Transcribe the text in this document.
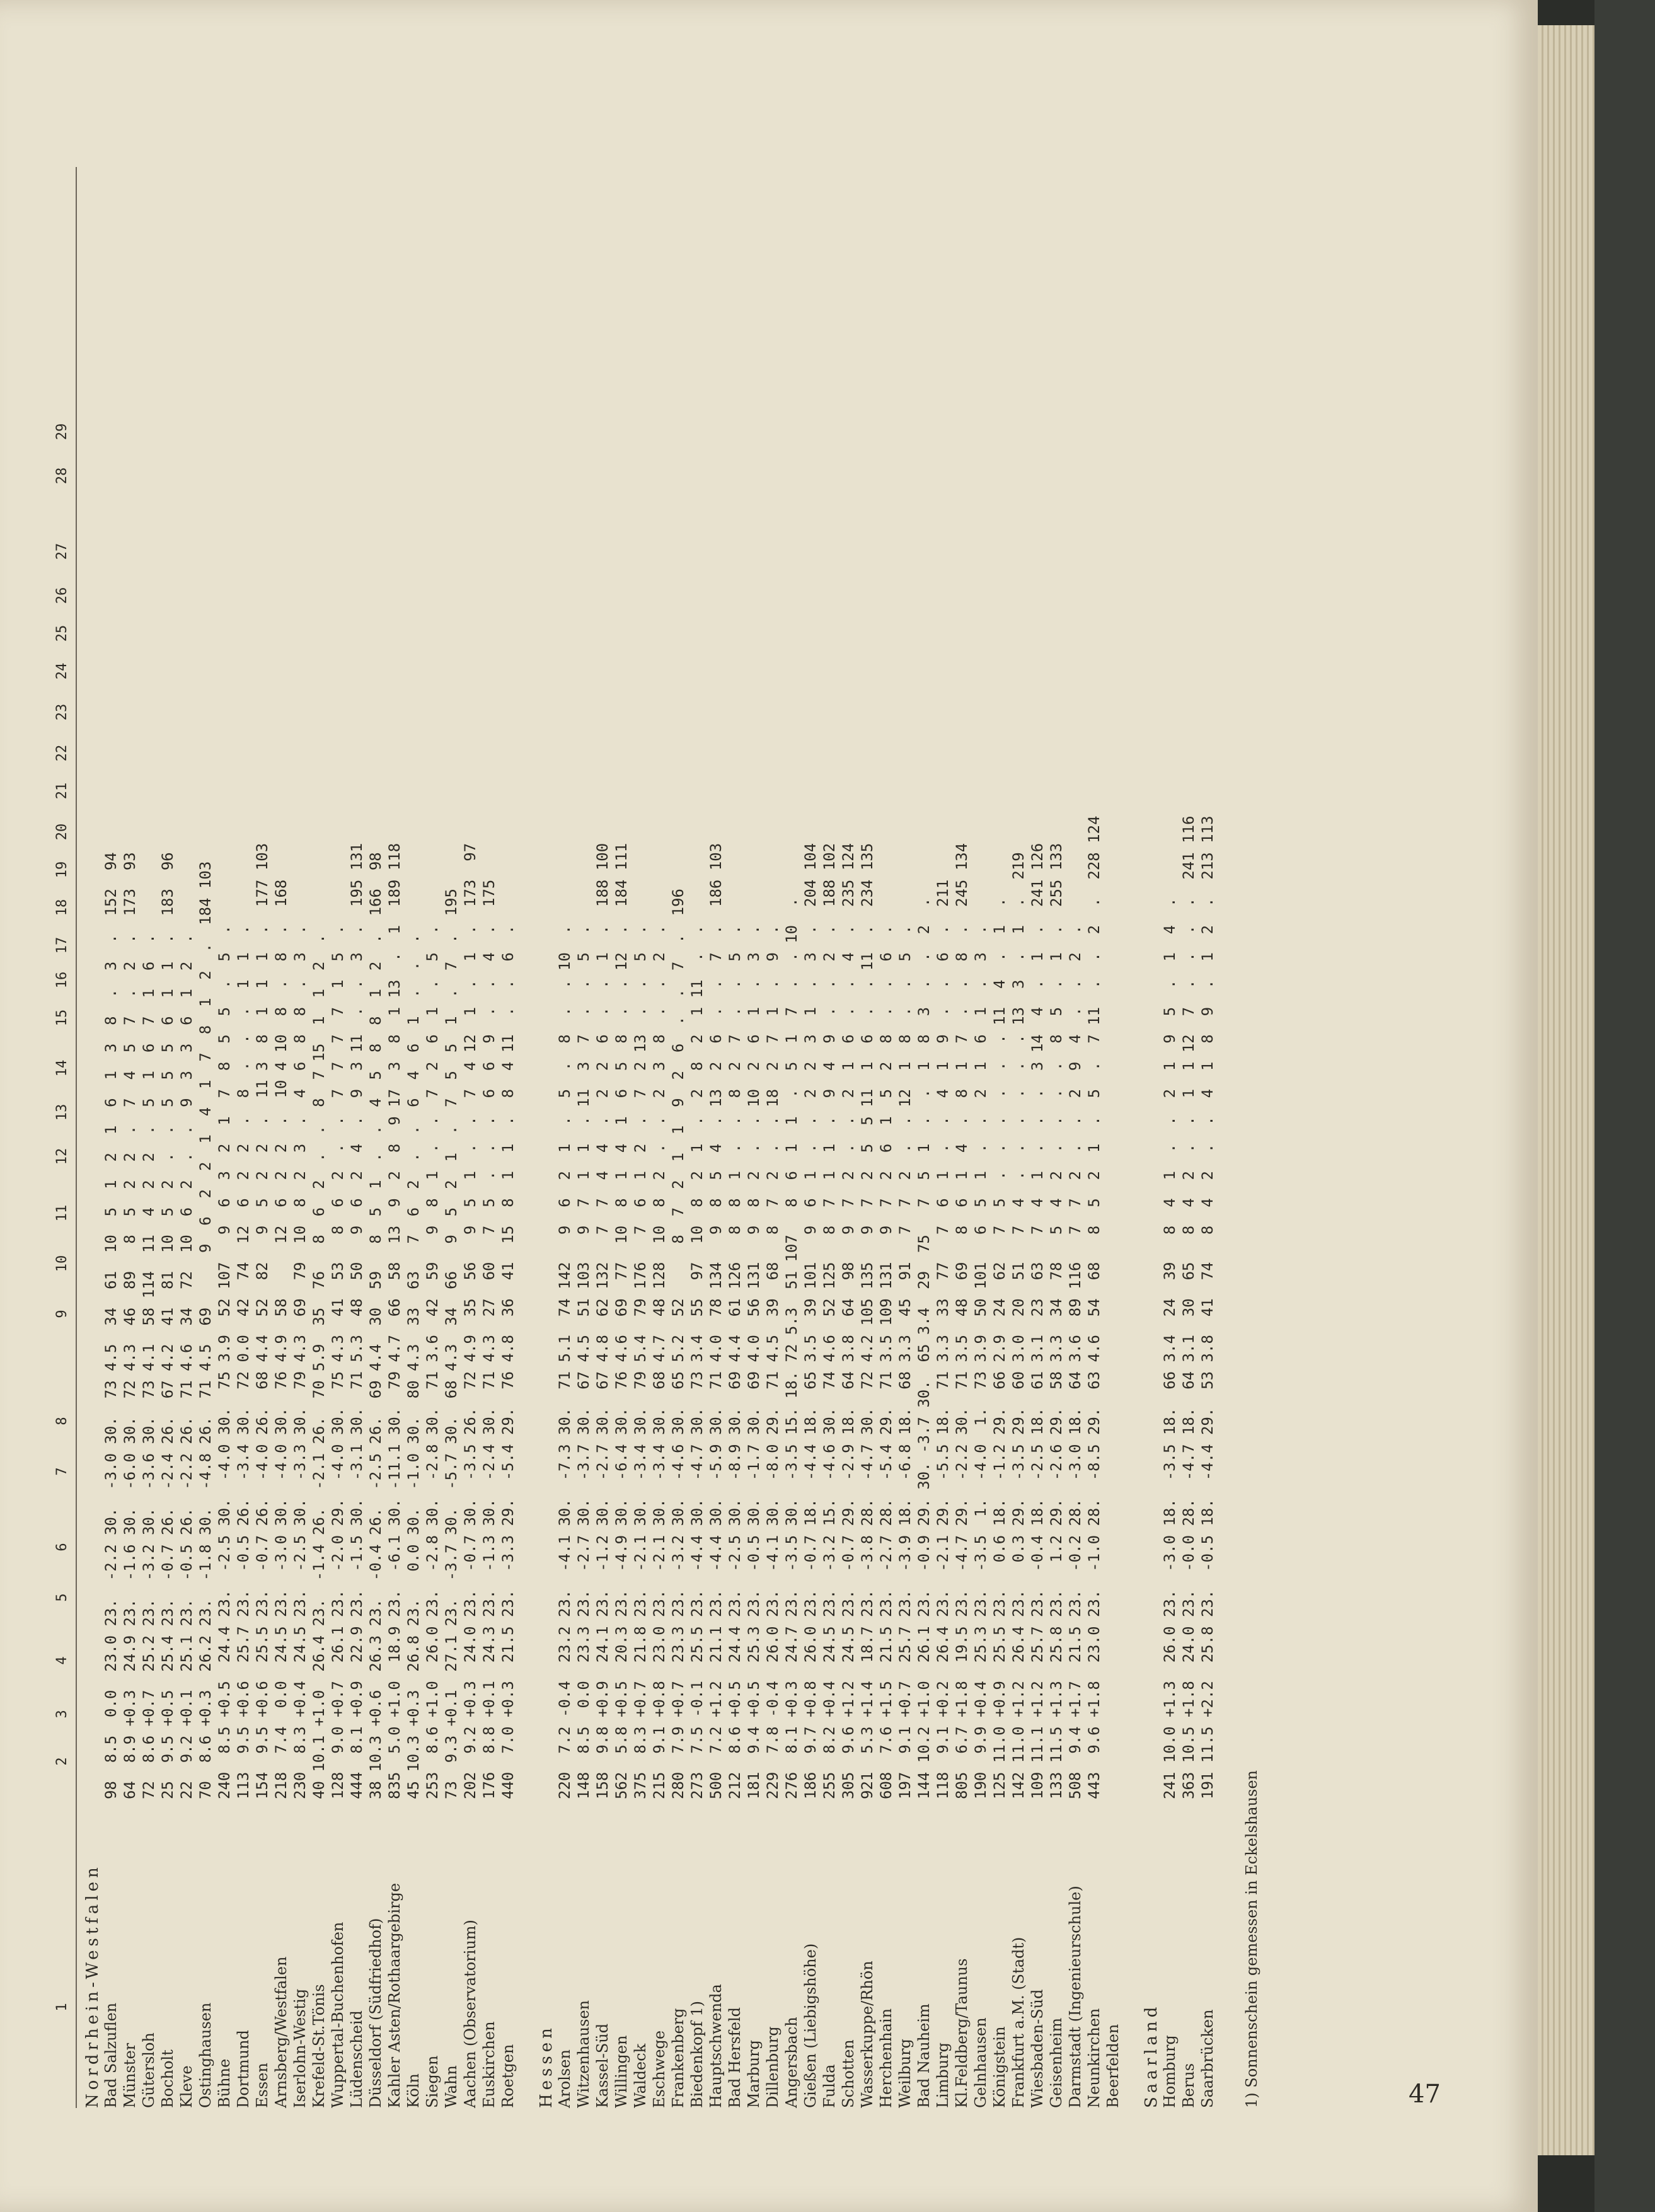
1
2
3
4
5
6
7
8
9
10
11
12
13
14
15
16
17
18
19
20
21
22
23
24
25
26
27
28
29
Nordrhein-Westfalen Bad Salzuflen
98  8.5  0.0  23.0 23.  -2.2 30.  -3.0 30.  73 4.5  34  61  10  5  1  2  1  6  1  3  8  .  3  .  152  94
Münster
64  8.9 +0.3  24.9 23.  -1.6 30.  -6.0 30.  72 4.3  46  89   8  5  2  2  .  7  4  5  7  .  2  .  173  93
Gütersloh
72  8.6 +0.7  25.2 23.  -3.2 30.  -3.6 30.  73 4.1  58 114  11  4  2  2  .  5  1  6  7  1  6  .
Bocholt
25  9.5 +0.5  25.4 23.  -0.7 26.  -2.4 26.  67 4.2  41  81  10  5  2  .  .  5  5  5  6  1  1  .  183  96
Kleve
22  9.2 +0.1  25.1 23.  -0.5 26.  -2.2 26.  71 4.6  34  72  10  6  2  .  .  9  3  3  6  1  2  .
Ostinghausen
70  8.6 +0.3  26.2 23.  -1.8 30.  -4.8 26.  71 4.5  69      9  6  2  2  1  4  1  7  8  1  2  .  184 103
Bühne
240  8.5 +0.5  24.4 23.  -2.5 30.  -4.0 30.  75 3.9  52 107   9  6  3  2  1  7  8  5  5  .  5  .
Dortmund
113  9.5 +0.6  25.7 23.  -0.5 26.  -3.4 30.  72 0.0  42  74  12  6  2  2  .  8  .  .  .  1  1  .
Essen
154  9.5 +0.6  25.5 23.  -0.7 26.  -4.0 26.  68 4.4  52  82   9  5  2  2  .  11 3  8  1  1  1  .  177 103
Arnsberg/Westfalen
218  7.4  0.0  24.5 23.  -3.0 30.  -4.0 30.  76 4.9  58      12  6  2  2  .  10 4 10  8  .  8  .  168
Iserlohn-Westig
230  8.3 +0.4  24.5 23.  -2.5 30.  -3.3 30.  79 4.3  69  79  10  8  2  3  .  4  6  8  8  .  3  .
Krefeld-St.Tönis
40 10.1 +1.0  26.4 23.  -1.4 26.  -2.1 26.  70 5.9  35  76   8  6  2  .  .  8  7 15  1  1  2  .
Wuppertal-Buchenhofen
128  9.0 +0.7  26.1 23.  -2.0 29.  -4.0 30.  75 4.3  41  53   8  6  2  .  .  7  7  7  7  1  5  .
Lüdenscheid
444  8.1 +0.9  22.9 23.  -1.5 30.  -3.1 30.  71 5.3  48  50   9  6  2  4  .  9  3 11  .  .  3  .  195 131
Düsseldorf (Südfriedhof)
38 10.3 +0.6  26.3 23.  -0.4 26.  -2.5 26.  69 4.4  30  59   8  5  1  .  .  4  5  8  8  1  2  .  166  98
Kahler Asten/Rothaargebirge
835  5.0 +1.0  18.9 23.  -6.1 30. -11.1 30.  79 4.7  66  58  13  9  2  8  9 17  3  8  1 13  .  1  189 118
Köln
45 10.3 +0.3  26.8 23.   0.0 30.  -1.0 30.  80 4.3  33  63   7  6  2  .  .  6  4  6  1  .  .  .
Siegen
253  8.6 +1.0  26.0 23.  -2.8 30.  -2.8 30.  71 3.6  42  59   9  8  1  .  .  7  2  6  1  .  5  .
Wahn
73  9.3 +0.1  27.1 23.  -3.7 30.  -5.7 30.  68 4.3  34  66   9  5  2  1  .  7  5  5  1  .  7  .  195
Aachen (Observatorium)
202  9.2 +0.3  24.0 23.  -0.7 30.  -3.5 26.  72 4.9  35  56   9  5  1  .  .  7  4 12  1  .  1  .  173  97
Euskirchen
176  8.8 +0.1  24.3 23.  -1.3 30.  -2.4 30.  71 4.3  27  60   7  5  .  .  .  6  6  9  .  .  4  .  175
Roetgen
440  7.0 +0.3  21.5 23.  -3.3 29.  -5.4 29.  76 4.8  36  41  15  8  1  1  .  8  4 11  .  .  6  .
Hessen Arolsen
220  7.2 -0.4  23.2 23.  -4.1 30.  -7.3 30.  71 5.1  74 142   9  6  2  1  .  5  .  8  .  . 10  .
Witzenhausen
148  8.5  0.0  23.3 23.  -2.7 30.  -3.7 30.  67 4.5  51 103   9  7  1  1  . 11  3  7  .  .  5  .
Kassel-Süd
158  9.8 +0.9  24.1 23.  -1.2 30.  -2.7 30.  67 4.8  62 132   7  7  4  4  .  2  2  6  .  .  1  .  188 100
Willingen
562  5.8 +0.5  20.3 23.  -4.9 30.  -6.4 30.  76 4.6  69  77  10  8  1  4  1  6  5  8  .  . 12  .  184 111
Waldeck
375  8.3 +0.7  21.8 23.  -2.1 30.  -3.4 30.  79 5.4  79 176   7  6  1  2  .  7  2 13  .  .  5  .
Eschwege
215  9.1 +0.8  23.0 23.  -2.1 30.  -3.4 30.  68 4.7  48 128  10  8  2  .  .  2  3  8  .  .  2  .
Frankenberg
280  7.9 +0.7  23.3 23.  -3.2 30.  -4.6 30.  65 5.2  52      8  7  2  1  1  9  2  6  .  .  7  .  196
Biedenkopf 1)
273  7.5 -0.1  25.5 23.  -4.4 30.  -4.7 30.  73 3.4  55  97  10  8  2  1  .  2  8  2  1 11  .  .
Hauptschwenda
500  7.2 +1.2  21.1 23.  -4.4 30.  -5.9 30.  71 4.0  78 134   9  8  5  4  . 13  2  6  .  .  7  .  186 103
Bad Hersfeld
212  8.6 +0.5  24.4 23.  -2.5 30.  -8.9 30.  69 4.4  61 126   8  8  1  .  .  8  2  7  .  .  5  .
Marburg
181  9.4 +0.5  25.3 23.  -0.5 30.  -1.7 30.  69 4.0  56 131   9  8  2  .  . 10  2  6  1  .  3  .
Dillenburg
229  7.8 -0.4  26.0 23.  -4.1 30.  -8.0 29.  71 4.5  39  68   8  7  2  .  . 18  2  7  1  .  9  .
Angersbach
276  8.1 +0.3  24.7 23.  -3.5 30.  -3.5 15. 18. 72 5.3  51 107   8  6  1  1  .  5  1  7  .  . 10  .
Gießen (Liebigshöhe)
186  9.7 +0.8  26.0 23.  -0.7 18.  -4.4 18.  65 3.5  39 101   9  6  1  .  .  2  2  3  1  .  3  .  204 104
Fulda
255  8.2 +0.4  24.5 23.  -3.2 15.  -4.6 30.  74 4.6  52 125   8  7  1  1  .  9  4  9  .  .  2  .  188 102
Schotten
305  9.6 +1.2  24.5 23.  -0.7 29.  -2.9 18.  64 3.8  64  98   9  7  2  .  .  2  1  6  .  .  4  .  235 124
Wasserkuppe/Rhön
921  5.3 +1.4  18.7 23.  -3.8 28.  -4.7 30.  72 4.2 105 135   9  7  2  5  5 11  1  6  .  . 11  .  234 135
Herchenhain
608  7.6 +1.5  21.5 23.  -2.7 28.  -5.4 29.  71 3.5 109 131   9  7  2  6  1  5  2  8  .  .  6  .
Weilburg
197  9.1 +0.7  25.7 23.  -3.9 18.  -6.8 18.  68 3.3  45  91   7  7  2  .  . 12  1  8  .  .  5  .
Bad Nauheim
144 10.2 +1.0  26.1 23.  -0.9 29. 30. -3.7 30.  65 3.4  29  75   7  5  1  .  .  1  8  3  .  .  2  .
Limburg
118  9.1 +0.2  26.4 23.  -2.1 29.  -5.5 18.  71 3.3  33  77   7  6  1  .  .  4  1  9  .  .  6  .  211
Kl.Feldberg/Taunus
805  6.7 +1.8  19.5 23.  -4.7 29.  -2.2 30.  71 3.5  48  69   8  6  1  4  .  8  1  7  .  .  8  .  245 134
Gelnhausen
190  9.9 +0.4  25.3 23.  -3.5  1.  -4.0  1.  73 3.9  50 101   6  5  1  .  .  2  1  6  1  .  3  .
Königstein
125 11.0 +0.9  25.5 23.   0.6 18.  -1.2 29.  66 2.9  24  62   7  5  .  .  .  .  .  . 11  4  .  1  .
Frankfurt a.M. (Stadt)
142 11.0 +1.2  26.4 23.   0.3 29.  -3.5 29.  60 3.0  20  51   7  4  .  .  .  .  .  . 13  3  .  1  .  219
Wiesbaden-Süd
109 11.1 +1.2  25.7 23.  -0.4 18.  -2.5 18.  61 3.1  23  63   7  4  1  .  .  .  3 14  4  .  1  .  241 126
Geisenheim
133 11.5 +1.3  25.8 23.   1.2 29.  -2.6 29.  58 3.3  34  78   5  4  2  .  .  .  .  8  5  .  1  .  255 133
Darmstadt (Ingenieurschule)
508  9.4 +1.7  21.5 23.  -0.2 28.  -3.0 18.  64 3.6  89 116   7  7  2  .  .  2  9  4  .  .  2  .
Neunkirchen
443  9.6 +1.8  23.0 23.  -1.0 28.  -8.5 29.  63 4.6  54  68   8  5  2  1  .  5  .  7 11  .  .  2  .  228 124
Beerfelden
Saarland Homburg
241 10.0 +1.3  26.0 23.  -3.0 18.  -3.5 18.  66 3.4  24  39   8  4  1  .  .  2  1  9  5  .  1  4  .
Berus
363 10.5 +1.8  24.0 23.  -0.0 28.  -4.7 18.  64 3.1  30  65   8  4  2  .  .  1  1 12  7  .  .  .  .  241 116
Saarbrücken
191 11.5 +2.2  25.8 23.  -0.5 18.  -4.4 29.  53 3.8  41  74   8  4  2  .  .  4  1  8  9  .  1  2  .  213 113
1) Sonnenschein gemessen in Eckelshausen	47
